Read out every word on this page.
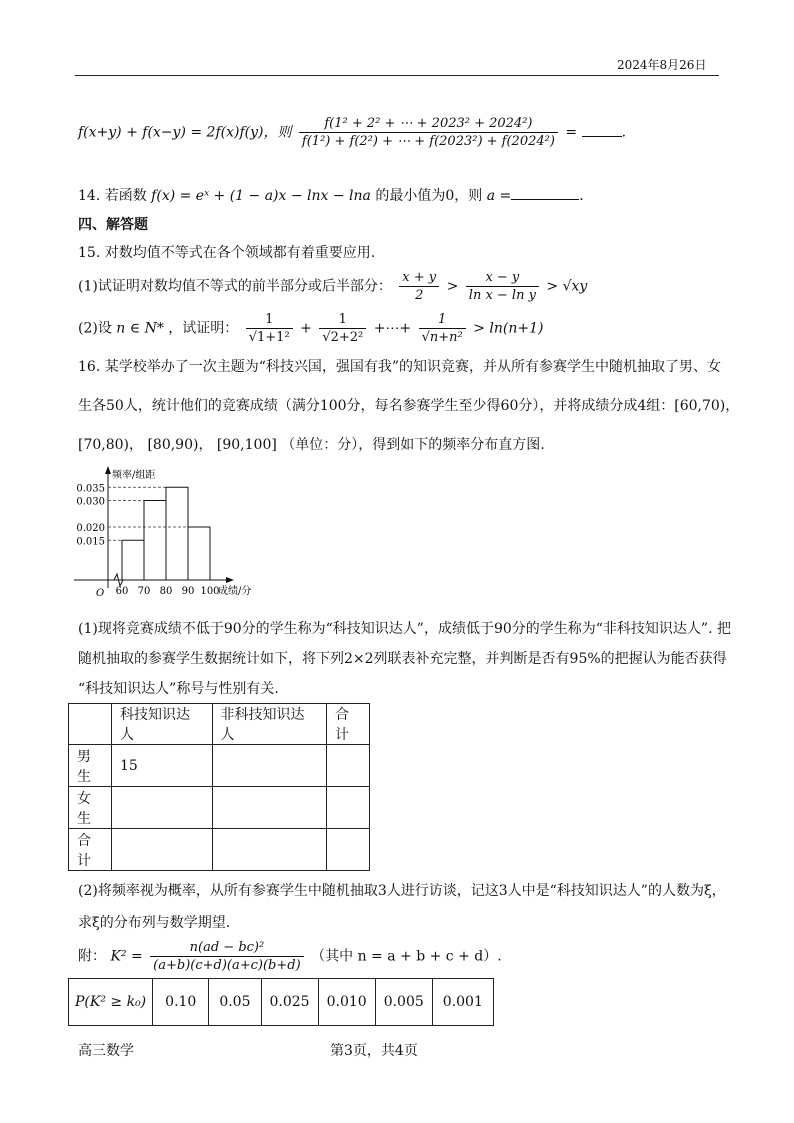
2024年8月26日
f(x+y) + f(x−y) = 2f(x)f(y)，则 $\frac{\text{f(1² + 2² + ⋯ + 2023² + 2024²)}}{\text{f(1²) + f(2²) + ⋯ + f(2023²) + f(2024²)}}$ =	.
14. 若函数 f(x) = eˣ + (1 − a)x − lnx − lna 的最小值为0，则 a =	.
四、解答题
15. 对数均值不等式在各个领域都有着重要应用.
(1)试证明对数均值不等式的前半部分或后半部分： $\frac{x + y}{2} > \frac{x - y}{\text{ln x − ln y}} > √xy$
(2)设 n ∈ N* ，试证明： $\frac{1}{\text{√1+1²}} + \frac{1}{\text{√2+2²}}$ +⋯+ $\frac{1}{\text{√n+n²}} > \ln(n+1)$
16. 某学校举办了一次主题为“科技兴国，强国有我”的知识竞赛，并从所有参赛学生中随机抽取了男、女
生各50人，统计他们的竞赛成绩（满分100分，每名参赛学生至少得60分），并将成绩分成4组：[60,70)，
[70,80)， [80,90)， [90,100] （单位：分），得到如下的频率分布直方图.
频率/组距
成绩/分
O
0.035
0.030
0.020
0.015
60 70 80 90 100
(1)现将竞赛成绩不低于90分的学生称为“科技知识达人”，成绩低于90分的学生称为“非科技知识达人”. 把
随机抽取的参赛学生数据统计如下，将下列2×2列联表补充完整，并判断是否有95%的把握认为能否获得
“科技知识达人”称号与性别有关.
	科技知识达人	非科技知识达人	合计
男生	15		
女生			
合计			
(2)将频率视为概率，从所有参赛学生中随机抽取3人进行访谈，记这3人中是“科技知识达人”的人数为ξ，
求ξ的分布列与数学期望.
附： $K^2 = \frac{\text{n(ad − bc)²}}{(a+b)(c+d)(a+c)(b+d)}$ （其中 n = a + b + c + d）.
P(K² ≥ k₀)	0.10	0.05	0.025	0.010	0.005	0.001
高三数学	第3页，共4页
